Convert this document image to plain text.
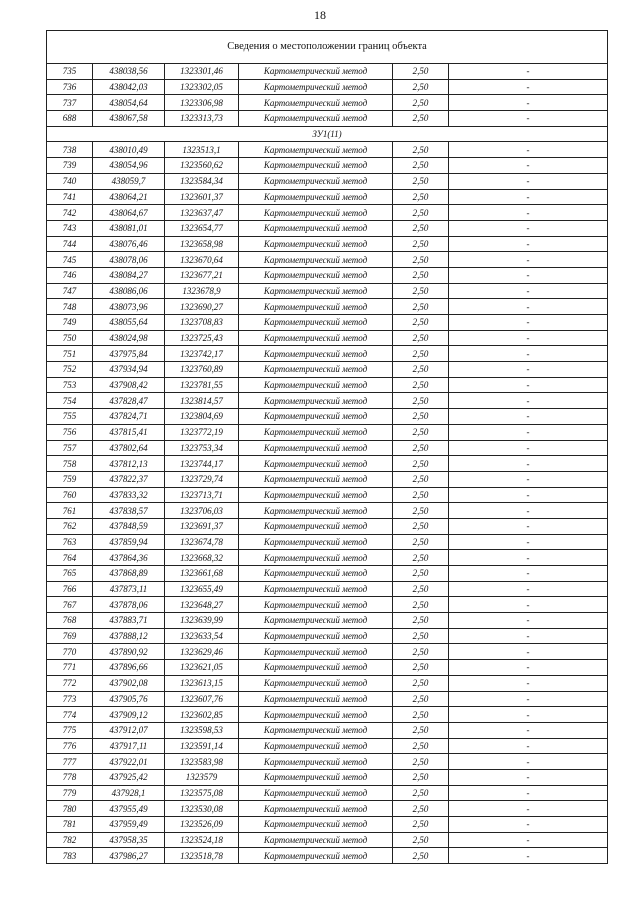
18
Сведения о местоположении границ объекта					
735	438038,56	1323301,46	Картометрический метод	2,50	-
736	438042,03	1323302,05	Картометрический метод	2,50	-
737	438054,64	1323306,98	Картометрический метод	2,50	-
688	438067,58	1323313,73	Картометрический метод	2,50	-
ЗУ1(11)					
738	438010,49	1323513,1	Картометрический метод	2,50	-
739	438054,96	1323560,62	Картометрический метод	2,50	-
740	438059,7	1323584,34	Картометрический метод	2,50	-
741	438064,21	1323601,37	Картометрический метод	2,50	-
742	438064,67	1323637,47	Картометрический метод	2,50	-
743	438081,01	1323654,77	Картометрический метод	2,50	-
744	438076,46	1323658,98	Картометрический метод	2,50	-
745	438078,06	1323670,64	Картометрический метод	2,50	-
746	438084,27	1323677,21	Картометрический метод	2,50	-
747	438086,06	1323678,9	Картометрический метод	2,50	-
748	438073,96	1323690,27	Картометрический метод	2,50	-
749	438055,64	1323708,83	Картометрический метод	2,50	-
750	438024,98	1323725,43	Картометрический метод	2,50	-
751	437975,84	1323742,17	Картометрический метод	2,50	-
752	437934,94	1323760,89	Картометрический метод	2,50	-
753	437908,42	1323781,55	Картометрический метод	2,50	-
754	437828,47	1323814,57	Картометрический метод	2,50	-
755	437824,71	1323804,69	Картометрический метод	2,50	-
756	437815,41	1323772,19	Картометрический метод	2,50	-
757	437802,64	1323753,34	Картометрический метод	2,50	-
758	437812,13	1323744,17	Картометрический метод	2,50	-
759	437822,37	1323729,74	Картометрический метод	2,50	-
760	437833,32	1323713,71	Картометрический метод	2,50	-
761	437838,57	1323706,03	Картометрический метод	2,50	-
762	437848,59	1323691,37	Картометрический метод	2,50	-
763	437859,94	1323674,78	Картометрический метод	2,50	-
764	437864,36	1323668,32	Картометрический метод	2,50	-
765	437868,89	1323661,68	Картометрический метод	2,50	-
766	437873,11	1323655,49	Картометрический метод	2,50	-
767	437878,06	1323648,27	Картометрический метод	2,50	-
768	437883,71	1323639,99	Картометрический метод	2,50	-
769	437888,12	1323633,54	Картометрический метод	2,50	-
770	437890,92	1323629,46	Картометрический метод	2,50	-
771	437896,66	1323621,05	Картометрический метод	2,50	-
772	437902,08	1323613,15	Картометрический метод	2,50	-
773	437905,76	1323607,76	Картометрический метод	2,50	-
774	437909,12	1323602,85	Картометрический метод	2,50	-
775	437912,07	1323598,53	Картометрический метод	2,50	-
776	437917,11	1323591,14	Картометрический метод	2,50	-
777	437922,01	1323583,98	Картометрический метод	2,50	-
778	437925,42	1323579	Картометрический метод	2,50	-
779	437928,1	1323575,08	Картометрический метод	2,50	-
780	437955,49	1323530,08	Картометрический метод	2,50	-
781	437959,49	1323526,09	Картометрический метод	2,50	-
782	437958,35	1323524,18	Картометрический метод	2,50	-
783	437986,27	1323518,78	Картометрический метод	2,50	-
